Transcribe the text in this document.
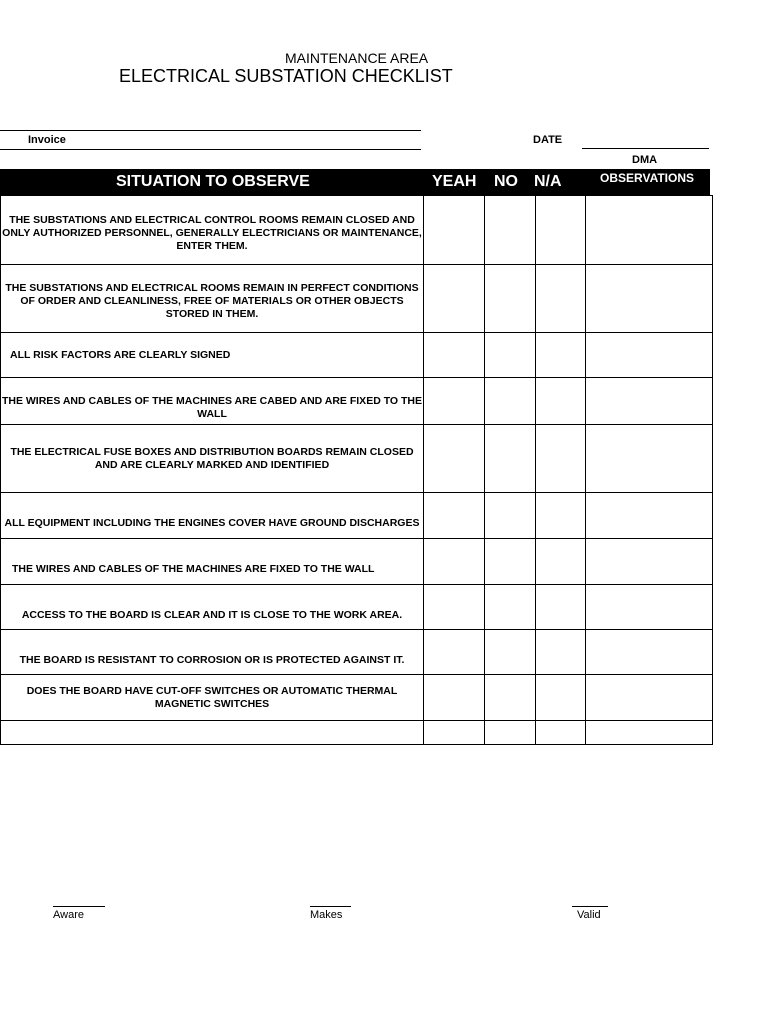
MAINTENANCE AREA
ELECTRICAL SUBSTATION CHECKLIST
Invoice	DATE
DMA
SITUATION TO OBSERVE	YEAH NO N/A	OBSERVATIONS
THE SUBSTATIONS AND ELECTRICAL CONTROL ROOMS REMAIN CLOSED AND ONLY AUTHORIZED PERSONNEL, GENERALLY ELECTRICIANS OR MAINTENANCE, ENTER THEM.				
THE SUBSTATIONS AND ELECTRICAL ROOMS REMAIN IN PERFECT CONDITIONS OF ORDER AND CLEANLINESS, FREE OF MATERIALS OR OTHER OBJECTS STORED IN THEM.				
ALL RISK FACTORS ARE CLEARLY SIGNED				
THE WIRES AND CABLES OF THE MACHINES ARE CABED AND ARE FIXED TO THE WALL				
THE ELECTRICAL FUSE BOXES AND DISTRIBUTION BOARDS REMAIN CLOSED AND ARE CLEARLY MARKED AND IDENTIFIED				
ALL EQUIPMENT INCLUDING THE ENGINES COVER HAVE GROUND DISCHARGES				
THE WIRES AND CABLES OF THE MACHINES ARE FIXED TO THE WALL				
ACCESS TO THE BOARD IS CLEAR AND IT IS CLOSE TO THE WORK AREA.				
THE BOARD IS RESISTANT TO CORROSION OR IS PROTECTED AGAINST IT.				
DOES THE BOARD HAVE CUT-OFF SWITCHES OR AUTOMATIC THERMAL MAGNETIC SWITCHES				

Aware	Makes	Valid
